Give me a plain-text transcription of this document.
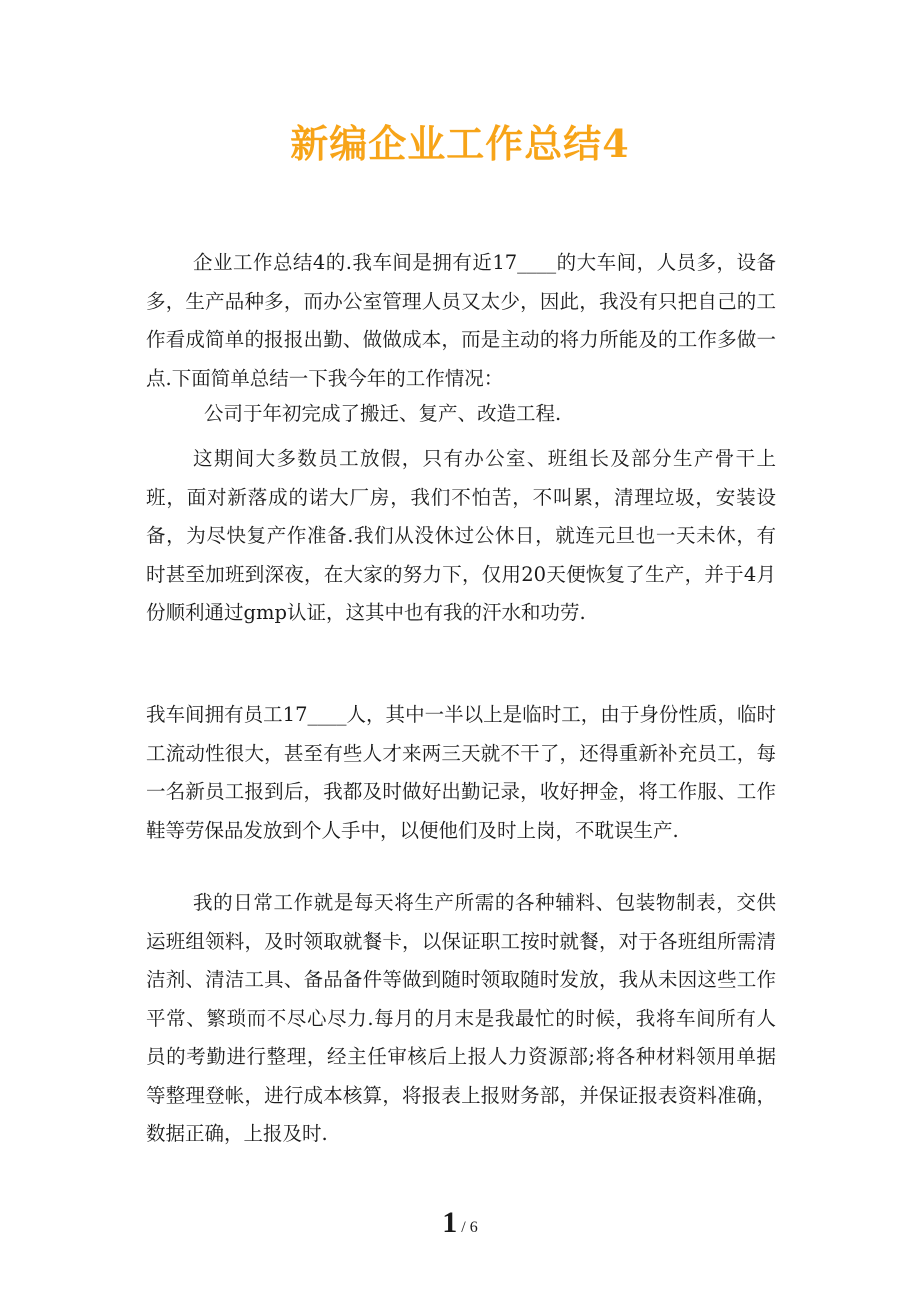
新编企业工作总结4
企业工作总结4的.我车间是拥有近17____的大车间，人员多，设备多，生产品种多，而办公室管理人员又太少，因此，我没有只把自己的工作看成简单的报报出勤、做做成本，而是主动的将力所能及的工作多做一点.下面简单总结一下我今年的工作情况：
公司于年初完成了搬迁、复产、改造工程.
这期间大多数员工放假，只有办公室、班组长及部分生产骨干上班，面对新落成的诺大厂房，我们不怕苦，不叫累，清理垃圾，安装设备，为尽快复产作准备.我们从没休过公休日，就连元旦也一天未休，有时甚至加班到深夜，在大家的努力下，仅用20天便恢复了生产，并于4月份顺利通过gmp认证，这其中也有我的汗水和功劳.
我车间拥有员工17____人，其中一半以上是临时工，由于身份性质，临时工流动性很大，甚至有些人才来两三天就不干了，还得重新补充员工，每一名新员工报到后，我都及时做好出勤记录，收好押金，将工作服、工作鞋等劳保品发放到个人手中，以便他们及时上岗，不耽误生产.
我的日常工作就是每天将生产所需的各种辅料、包装物制表，交供运班组领料，及时领取就餐卡，以保证职工按时就餐，对于各班组所需清洁剂、清洁工具、备品备件等做到随时领取随时发放，我从未因这些工作平常、繁琐而不尽心尽力.每月的月末是我最忙的时候，我将车间所有人员的考勤进行整理，经主任审核后上报人力资源部;将各种材料领用单据等整理登帐，进行成本核算，将报表上报财务部，并保证报表资料准确，数据正确，上报及时.
1 / 6
